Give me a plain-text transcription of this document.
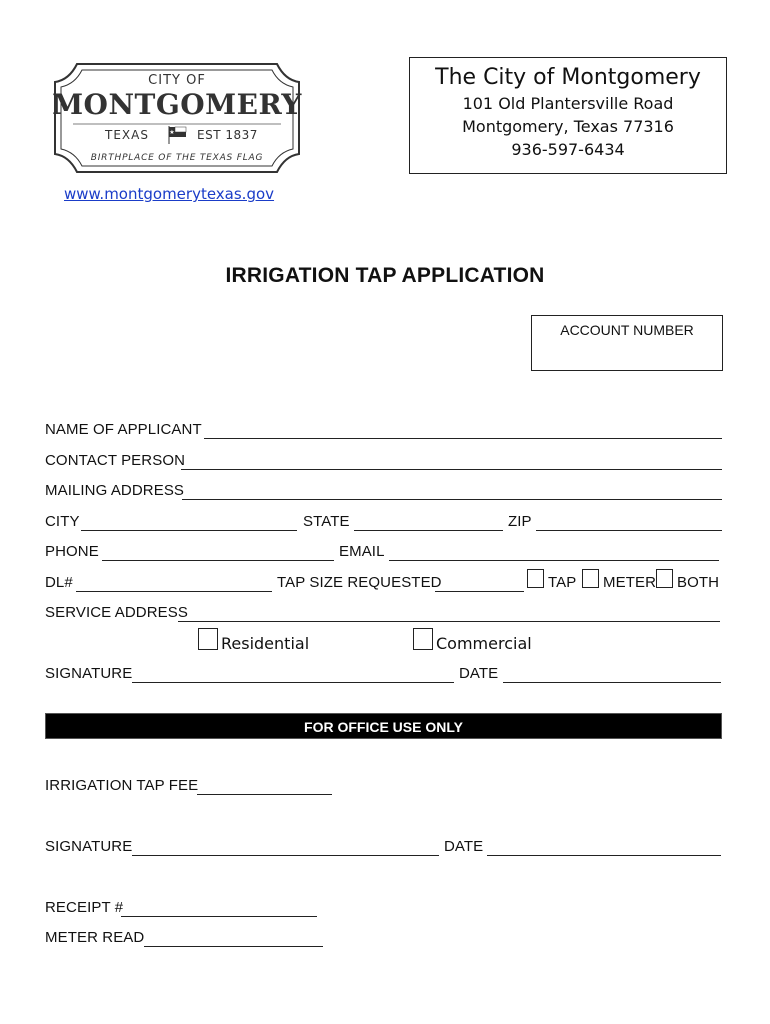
CITY OF
MONTGOMERY
TEXAS	★ EST 1837
BIRTHPLACE OF THE TEXAS FLAG
www.montgomerytexas.gov
The City of Montgomery
101 Old Plantersville Road
Montgomery, Texas 77316
936-597-6434
IRRIGATION TAP APPLICATION
ACCOUNT NUMBER
NAME OF APPLICANT
CONTACT PERSON
MAILING ADDRESS
CITY	STATE	ZIP
PHONE	EMAIL
DL#	TAP SIZE REQUESTED	TAP METER BOTH
SERVICE ADDRESS
Residential	Commercial
SIGNATURE	DATE
FOR OFFICE USE ONLY
IRRIGATION TAP FEE
SIGNATURE	DATE
RECEIPT #
METER READ
